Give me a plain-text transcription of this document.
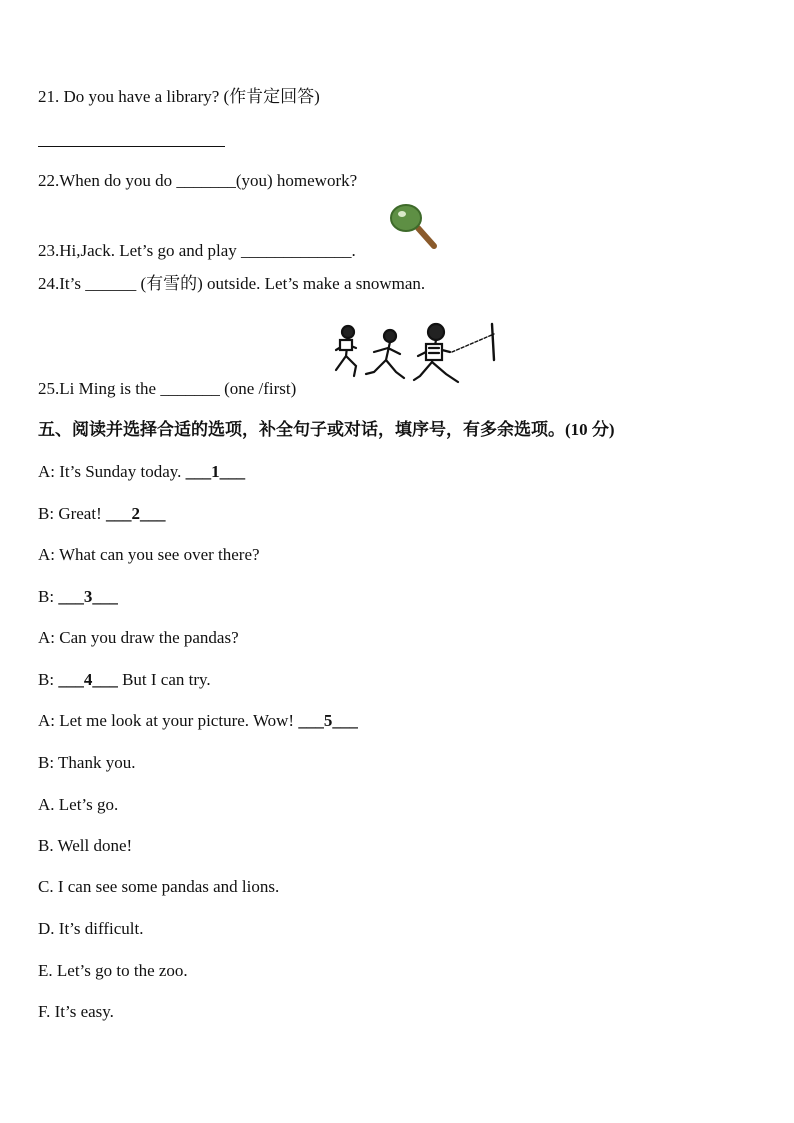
21. Do you have a library? (作肯定回答)
22.When do you do _______(you) homework?
23.Hi,Jack. Let’s go and play _____________.
24.It’s ______ (有雪的) outside. Let’s make a snowman.
25.Li Ming is the _______ (one /first)
五、阅读并选择合适的选项，补全句子或对话，填序号，有多余选项。(10 分)
A: It’s Sunday today. ___1___
B: Great! ___2___
A: What can you see over there?
B: ___3___
A: Can you draw the pandas?
B: ___4___ But I can try.
A: Let me look at your picture. Wow! ___5___
B: Thank you.
A. Let’s go.
B. Well done!
C. I can see some pandas and lions.
D. It’s difficult.
E. Let’s go to the zoo.
F. It’s easy.
